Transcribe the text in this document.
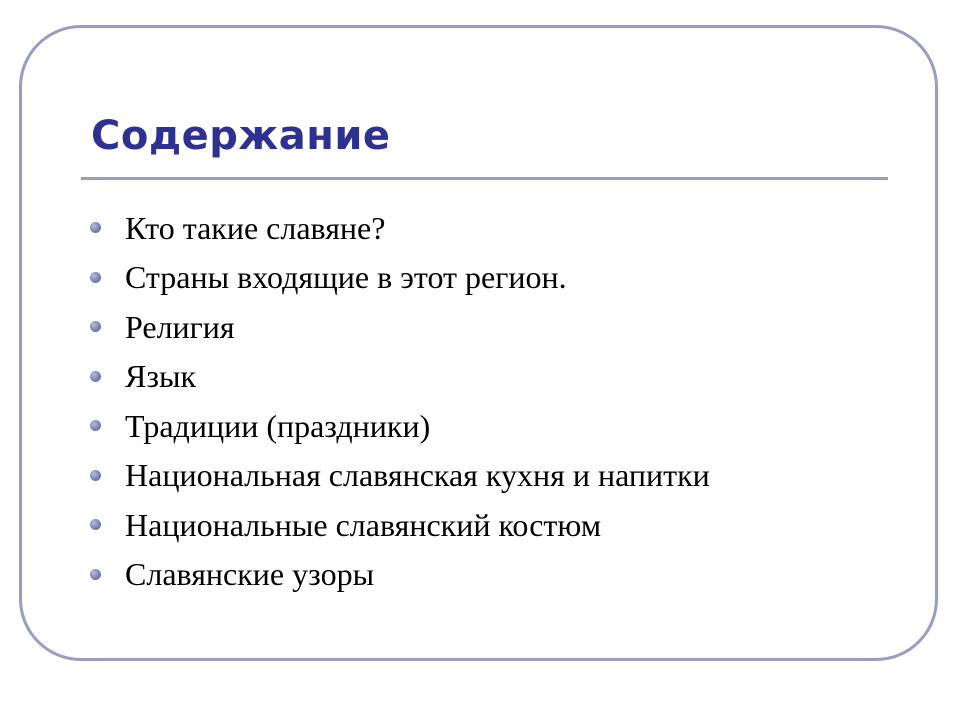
Содержание
Кто такие славяне?
Страны входящие в этот регион.
Религия
Язык
Традиции (праздники)
Национальная славянская кухня и напитки
Национальные славянский костюм
Славянские узоры
